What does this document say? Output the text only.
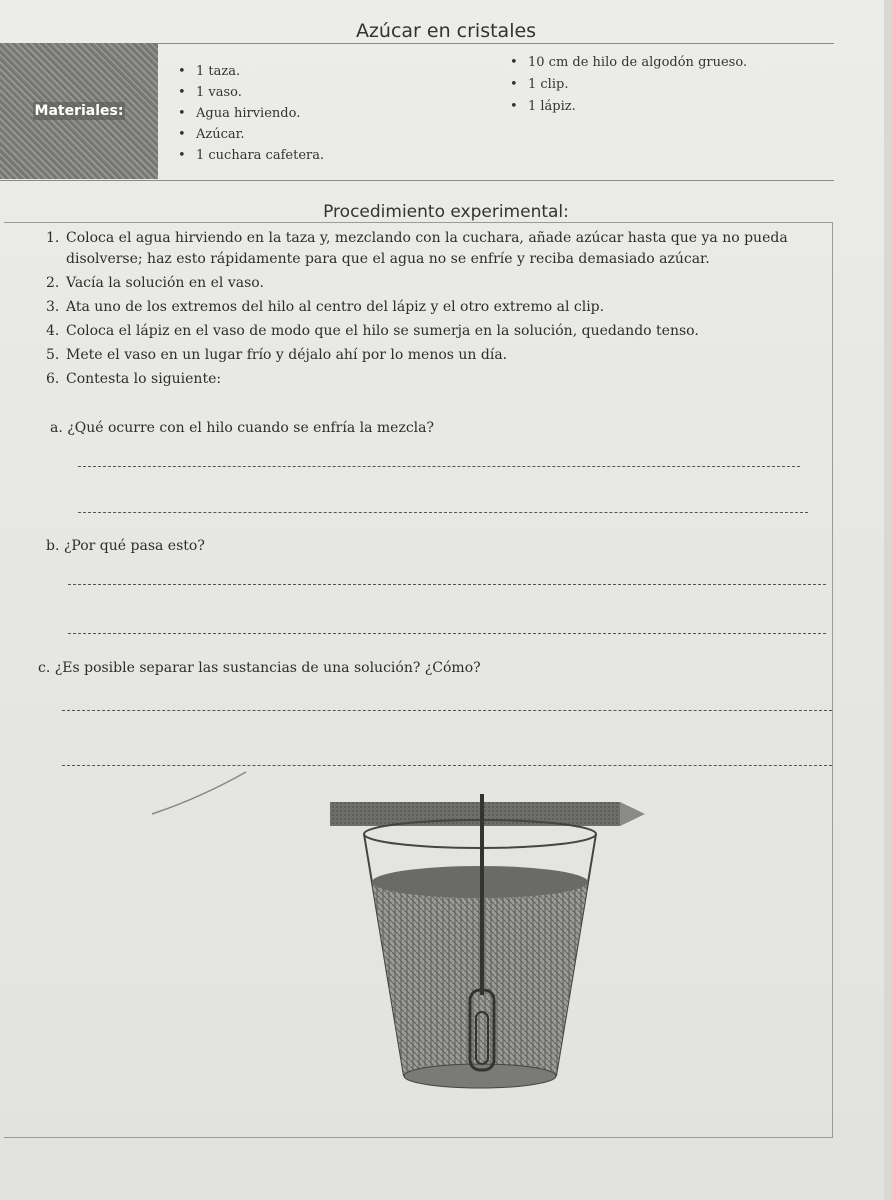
Azúcar en cristales
Materiales:
• 1 taza.
• 1 vaso.
• Agua hirviendo.
• Azúcar.
• 1 cuchara cafetera.
• 10 cm de hilo de algodón grueso.
• 1 clip.
• 1 lápiz.
Procedimiento experimental:
1. Coloca el agua hirviendo en la taza y, mezclando con la cuchara, añade azúcar hasta que ya no pueda disolverse; haz esto rápidamente para que el agua no se enfríe y reciba demasiado azúcar.
2. Vacía la solución en el vaso.
3. Ata uno de los extremos del hilo al centro del lápiz y el otro extremo al clip.
4. Coloca el lápiz en el vaso de modo que el hilo se sumerja en la solución, quedando tenso.
5. Mete el vaso en un lugar frío y déjalo ahí por lo menos un día.
6. Contesta lo siguiente:
a. ¿Qué ocurre con el hilo cuando se enfría la mezcla?
b. ¿Por qué pasa esto?
c. ¿Es posible separar las sustancias de una solución? ¿Cómo?
